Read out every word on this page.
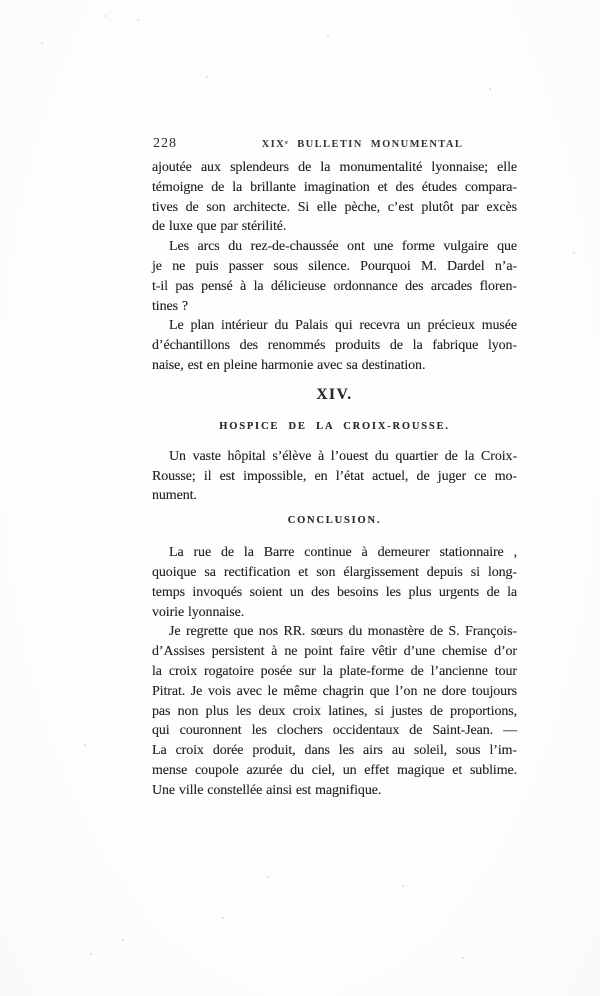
228	XIXᵉ BULLETIN MONUMENTAL

ajoutée aux splendeurs de la monumentalité lyonnaise; elle
témoigne de la brillante imagination et des études compara-
tives de son architecte. Si elle pèche, c’est plutôt par excès
de luxe que par stérilité.

Les arcs du rez-de-chaussée ont une forme vulgaire que
je ne puis passer sous silence. Pourquoi M. Dardel n’a-
t-il pas pensé à la délicieuse ordonnance des arcades floren-
tines ?

Le plan intérieur du Palais qui recevra un précieux musée
d’échantillons des renommés produits de la fabrique lyon-
naise, est en pleine harmonie avec sa destination.

XIV.
HOSPICE DE LA CROIX-ROUSSE.

Un vaste hôpital s’élève à l’ouest du quartier de la Croix-
Rousse; il est impossible, en l’état actuel, de juger ce mo-
nument.

CONCLUSION.

La rue de la Barre continue à demeurer stationnaire ,
quoique sa rectification et son élargissement depuis si long-
temps invoqués soient un des besoins les plus urgents de la
voirie lyonnaise.

Je regrette que nos RR. sœurs du monastère de S. François-
d’Assises persistent à ne point faire vêtir d’une chemise d’or
la croix rogatoire posée sur la plate-forme de l’ancienne tour
Pitrat. Je vois avec le même chagrin que l’on ne dore toujours
pas non plus les deux croix latines, si justes de proportions,
qui couronnent les clochers occidentaux de Saint-Jean. —
La croix dorée produit, dans les airs au soleil, sous l’im-
mense coupole azurée du ciel, un effet magique et sublime.
Une ville constellée ainsi est magnifique.
